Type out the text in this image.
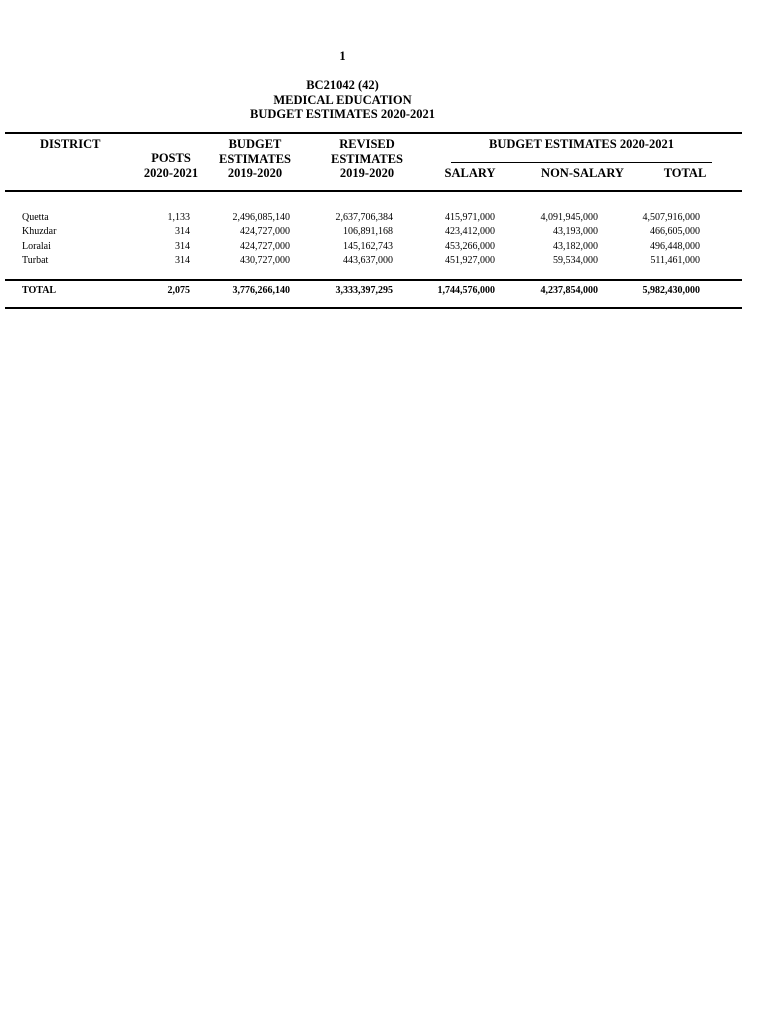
1
BC21042 (42)
MEDICAL EDUCATION
BUDGET ESTIMATES 2020-2021
DISTRICT
POSTS
2020-2021
BUDGET
ESTIMATES
2019-2020
REVISED
ESTIMATES
2019-2020
BUDGET ESTIMATES 2020-2021
SALARY	NON-SALARY	TOTAL
Quetta	1,133	2,496,085,140	2,637,706,384	415,971,000	4,091,945,000	4,507,916,000
Khuzdar	314	424,727,000	106,891,168	423,412,000	43,193,000	466,605,000
Loralai	314	424,727,000	145,162,743	453,266,000	43,182,000	496,448,000
Turbat	314	430,727,000	443,637,000	451,927,000	59,534,000	511,461,000
TOTAL	2,075	3,776,266,140	3,333,397,295	1,744,576,000	4,237,854,000	5,982,430,000
